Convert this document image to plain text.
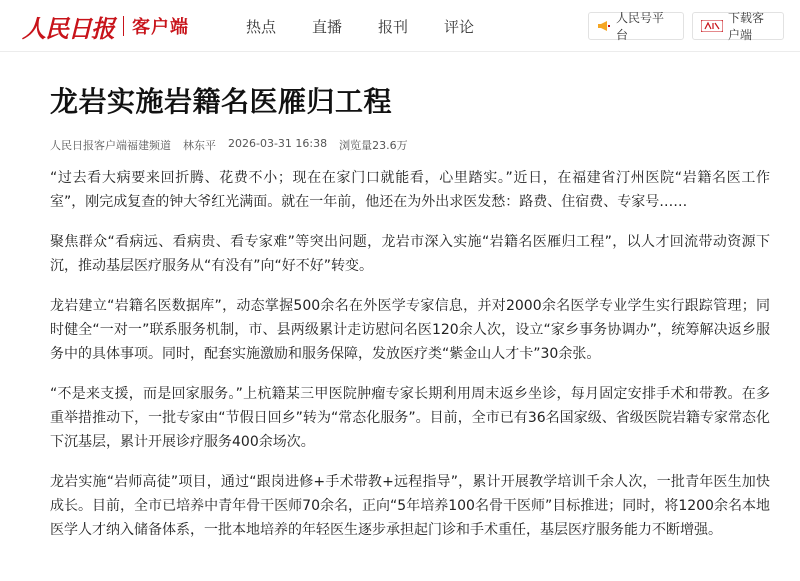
人民日报 客户端	热点 直播 报刊 评论	人民号平台
下载客户端
龙岩实施岩籍名医雁归工程
人民日报客户端福建频道 林东平 2026-03-31 16:38 浏览量23.6万

“过去看大病要来回折腾、花费不小；现在在家门口就能看，心里踏实。”近日，在福建省汀州医院“岩籍名医工作室”，刚完成复查的钟大爷红光满面。就在一年前，他还在为外出求医发愁：路费、住宿费、专家号……

聚焦群众“看病远、看病贵、看专家难”等突出问题，龙岩市深入实施“岩籍名医雁归工程”，以人才回流带动资源下沉，推动基层医疗服务从“有没有”向“好不好”转变。

龙岩建立“岩籍名医数据库”，动态掌握500余名在外医学专家信息，并对2000余名医学专业学生实行跟踪管理；同时健全“一对一”联系服务机制，市、县两级累计走访慰问名医120余人次，设立“家乡事务协调办”，统筹解决返乡服务中的具体事项。同时，配套实施激励和服务保障，发放医疗类“紫金山人才卡”30余张。

“不是来支援，而是回家服务。”上杭籍某三甲医院肿瘤专家长期利用周末返乡坐诊，每月固定安排手术和带教。在多重举措推动下，一批专家由“节假日回乡”转为“常态化服务”。目前，全市已有36名国家级、省级医院岩籍专家常态化下沉基层，累计开展诊疗服务400余场次。

龙岩实施“岩师高徒”项目，通过“跟岗进修+手术带教+远程指导”，累计开展教学培训千余人次，一批青年医生加快成长。目前，全市已培养中青年骨干医师70余名，正向“5年培养100名骨干医师”目标推进；同时，将1200余名本地医学人才纳入储备体系，一批本地培养的年轻医生逐步承担起门诊和手术重任，基层医疗服务能力不断增强。
